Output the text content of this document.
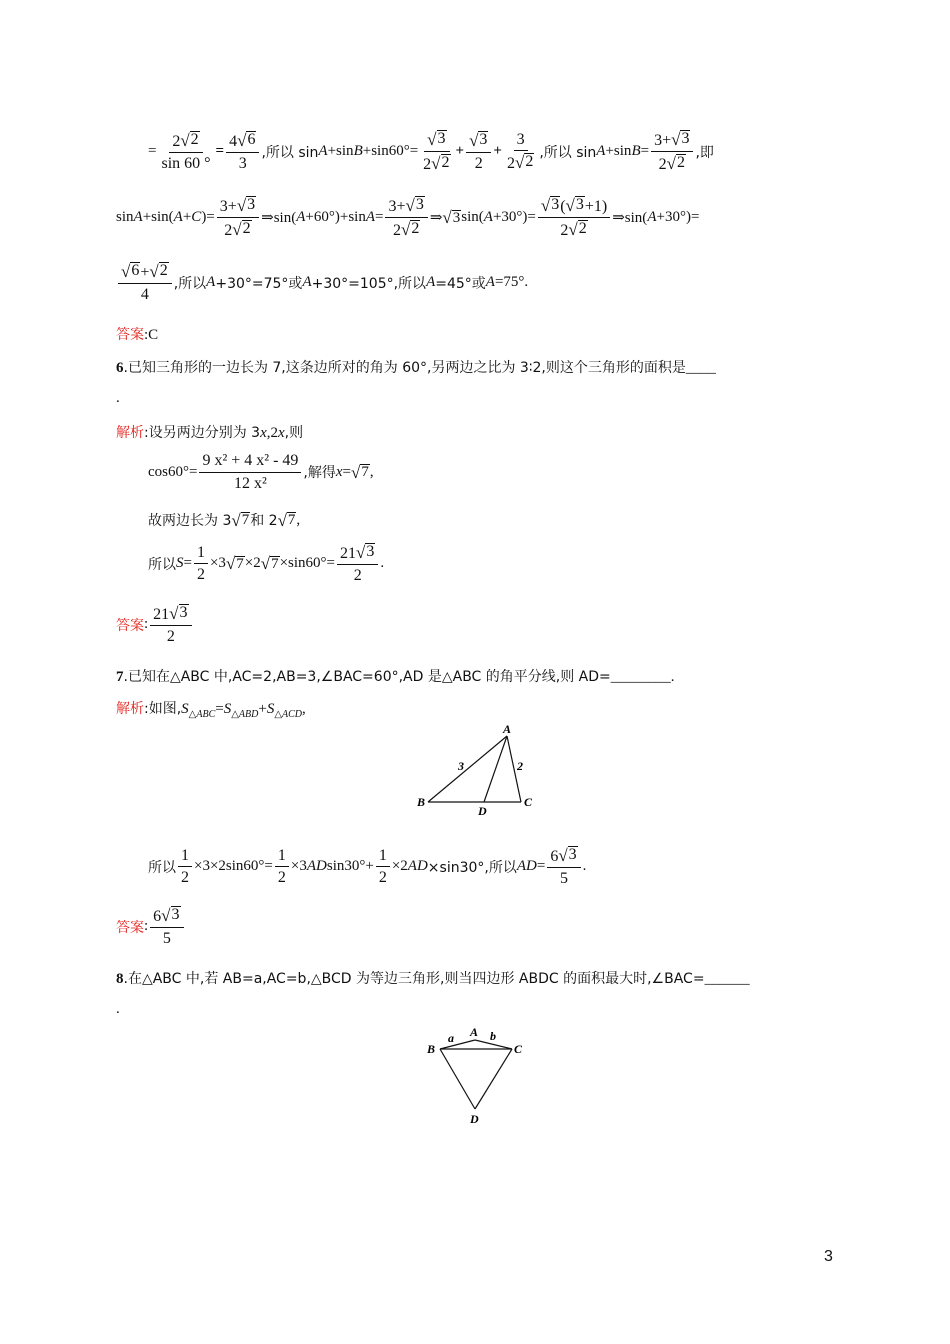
= $\frac{2 √ 2}{\sin 60 ^\circ} = \frac{4 √ 6}{3}$ ,所以 sin A +sin $B +\sin 60^\circ= \frac{√ 3}{2 √ 2} + \frac{√ 3}{2} + \frac{3}{2 √ 2}$ ,所以 sin A +sin $B = \frac{3+ √ 3}{2 √ 2}$ ,即
sin A +sin( A + C )= $\frac{3+ √ 3}{2 √ 2}$ ⇒sin( A +60°)+sin $A = \frac{3+ √ 3}{2 √ 2}$ ⇒ √ 3 sin( $A +30^\circ)= \frac{√ 3 ( √ 3 +1)}{2 √ 2}$ ⇒sin( A +30°)=
$\frac{√ 6 + √ 2}{4}$ ,所以 A +30°=75°或 A +30°=105°,所以 A =45°或 A =75°.
答案:C
6.已知三角形的一边长为 7,这条边所对的角为 60°,另两边之比为 3∶2,则这个三角形的面积是____
.
解析:设另两边分别为 3x,2x,则
$\cos 60^\circ= \frac{\text{9 x² + 4 x² - 49}}{\text{12 x²}}$ ,解得 x = √ 7 ,
故两边长为 3 √ 7 和 2 √ 7 ,
所以 $S = \frac{1}{2} \times 3$ √ 7 ×2 √ $7 \times\sin 60^\circ= \frac{21 √ 3}{2}$ .
答案 : $\frac{21 √ 3}{2}$
7.已知在△ABC 中,AC=2,AB=3,∠BAC=60°,AD 是△ABC 的角平分线,则 AD=________.
解析:如图$,S_{\triangle ABC}=S_{\triangle ABD}+S_{\triangle ACD}$,
A
B	C
D
3	2
所以 $\frac{1}{2} \times 3\times 2\sin 60^\circ= \frac{1}{2} \times 3$ AD $\sin 30^\circ+ \frac{1}{2} \times 2$ AD ×sin30°,所以 AD = $\frac{6 √ 3}{5}$ .
答案 : $\frac{6 √ 3}{5}$
8.在△ABC 中,若 AB=a,AC=b,△BCD 为等边三角形,则当四边形 ABDC 的面积最大时,∠BAC=______
.
A
B	C
D
a	b
3
